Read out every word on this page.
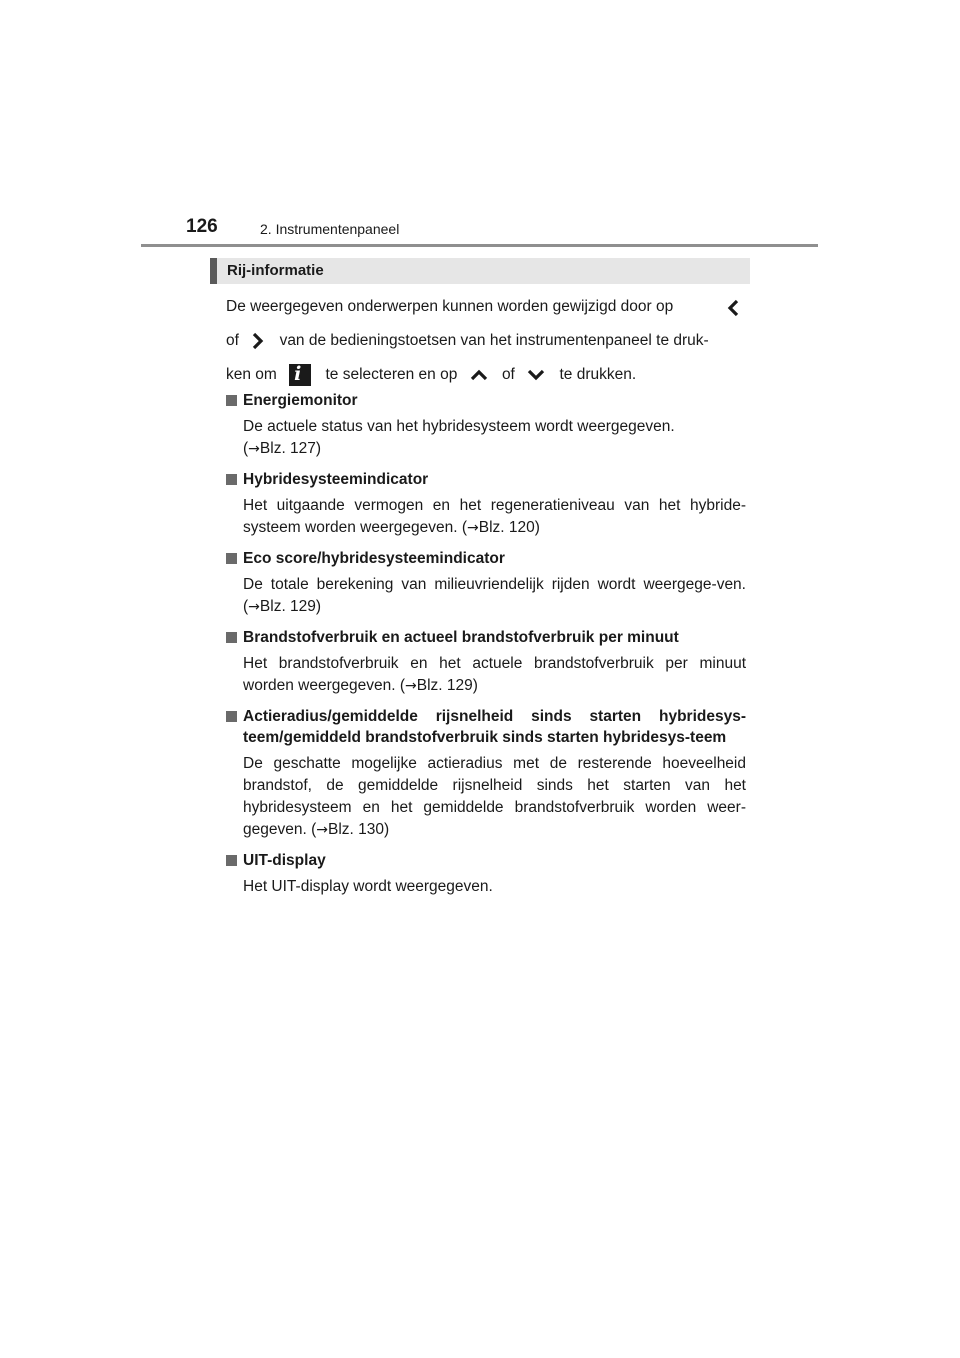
126	2. Instrumentenpaneel
Rij-informatie
De weergegeven onderwerpen kunnen worden gewijzigd door op
of	van de bedieningstoetsen van het instrumentenpaneel te druk-
ken om i te selecteren en op	of	te drukken.
Energiemonitor
De actuele status van het hybridesysteem wordt weergegeven.
(→Blz. 127)
Hybridesysteemindicator
Het uitgaande vermogen en het regeneratieniveau van het hybride-systeem worden weergegeven. (→Blz. 120)
Eco score/hybridesysteemindicator
De totale berekening van milieuvriendelijk rijden wordt weergege-ven. (→Blz. 129)
Brandstofverbruik en actueel brandstofverbruik per minuut
Het brandstofverbruik en het actuele brandstofverbruik per minuut worden weergegeven. (→Blz. 129)
Actieradius/gemiddelde rijsnelheid sinds starten hybridesys-teem/gemiddeld brandstofverbruik sinds starten hybridesys-teem
De geschatte mogelijke actieradius met de resterende hoeveelheid brandstof, de gemiddelde rijsnelheid sinds het starten van het hybridesysteem en het gemiddelde brandstofverbruik worden weer-gegeven. (→Blz. 130)
UIT-display
Het UIT-display wordt weergegeven.
